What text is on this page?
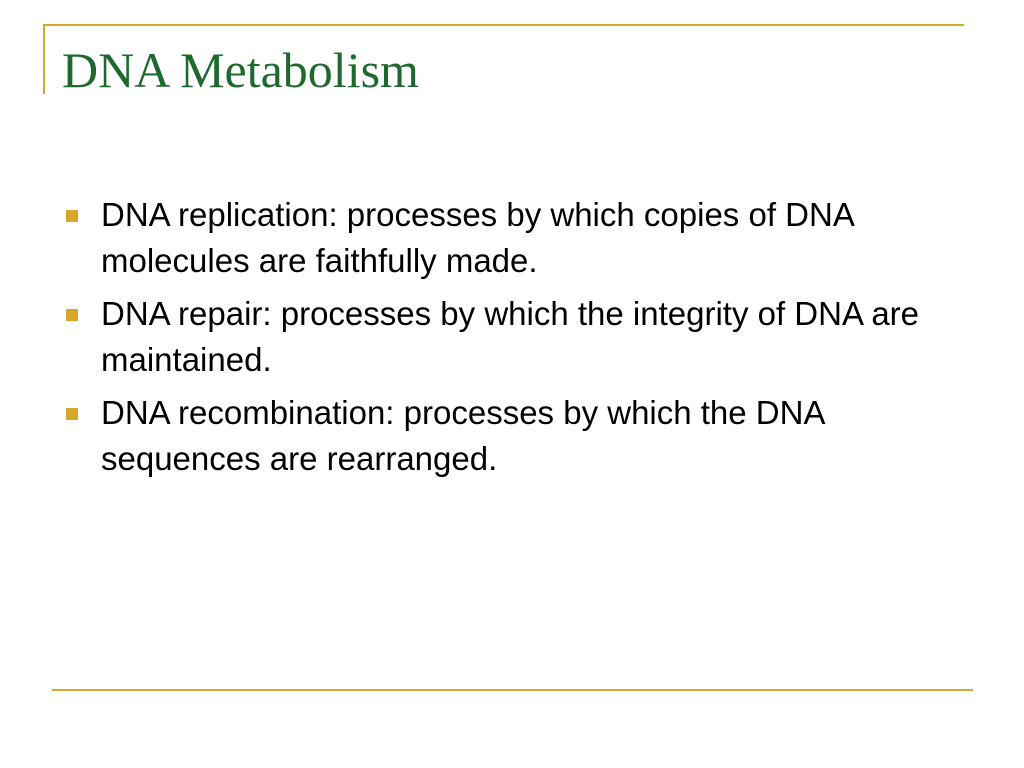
DNA Metabolism
DNA replication: processes by which copies of DNA molecules are faithfully made.
DNA repair: processes by which the integrity of DNA are maintained.
DNA recombination: processes by which the DNA sequences are rearranged.
